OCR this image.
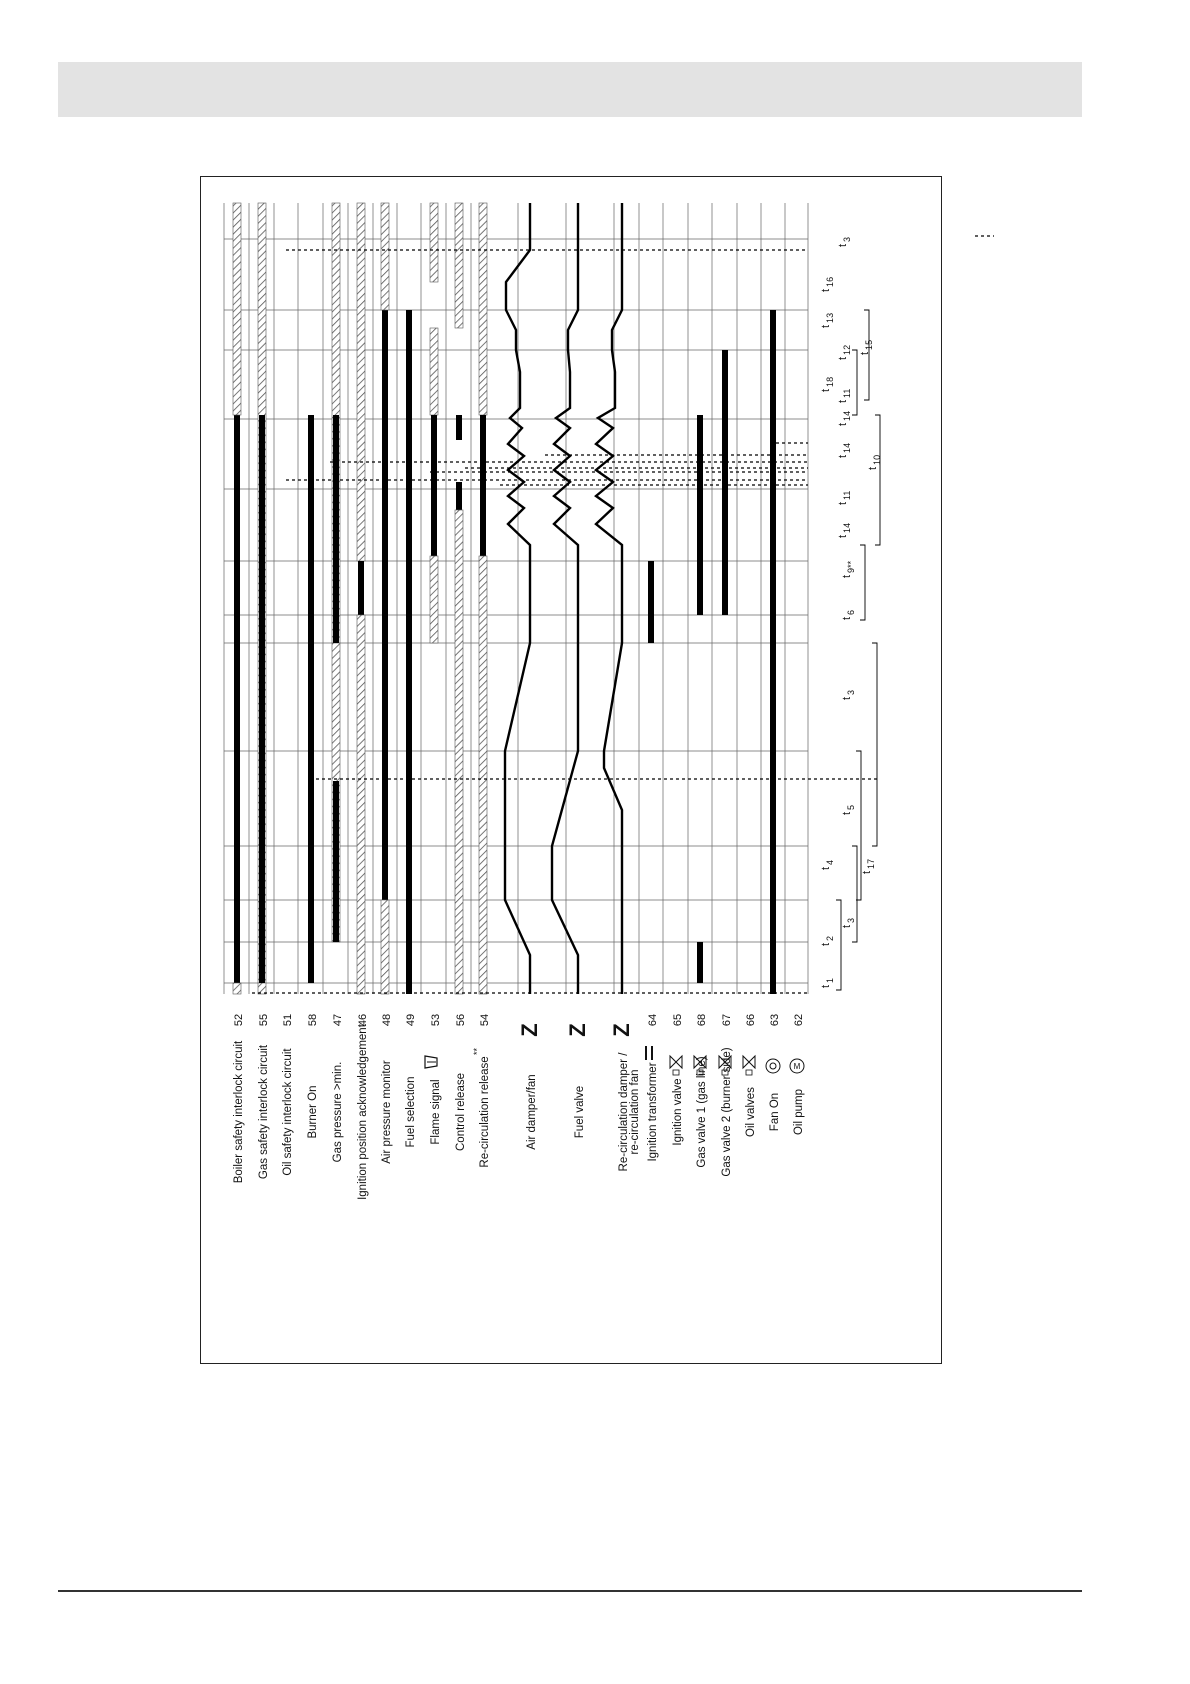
Z Z Z
M
Boiler safety interlock circuit
52
Gas safety interlock circuit
55
Oil safety interlock circuit
51
Burner On
58
Gas pressure >min.
47
Ignition position acknowledgement
46
Air pressure monitor
48
Fuel selection
49
Flame signal
53
Control release
56
Re-circulation release
**
54
Air damper/fan	Fuel valve	Re-circulation damper / re-circulation fan Ignition transformer
64
Ignition valve
65
Gas valve 1 (gas line)
68
Gas valve 2 (burner side)
67
Oil valves
66
Fan On
63
Oil pump
62
$t_1$
$t_2$
$t_3$
$t_4$
$t_5$
$t_{17}$
$t_3$
$t_6$
$t_{9**}$
$t_{14}$
$t_{11}$
$t_{14}$
$t_{14}$
$t_{11}$
$t_{10}$
$t_{18}$
$t_{12}$ $t_{15}$
$t_{13}$
$t_{16}$
$t_3$
